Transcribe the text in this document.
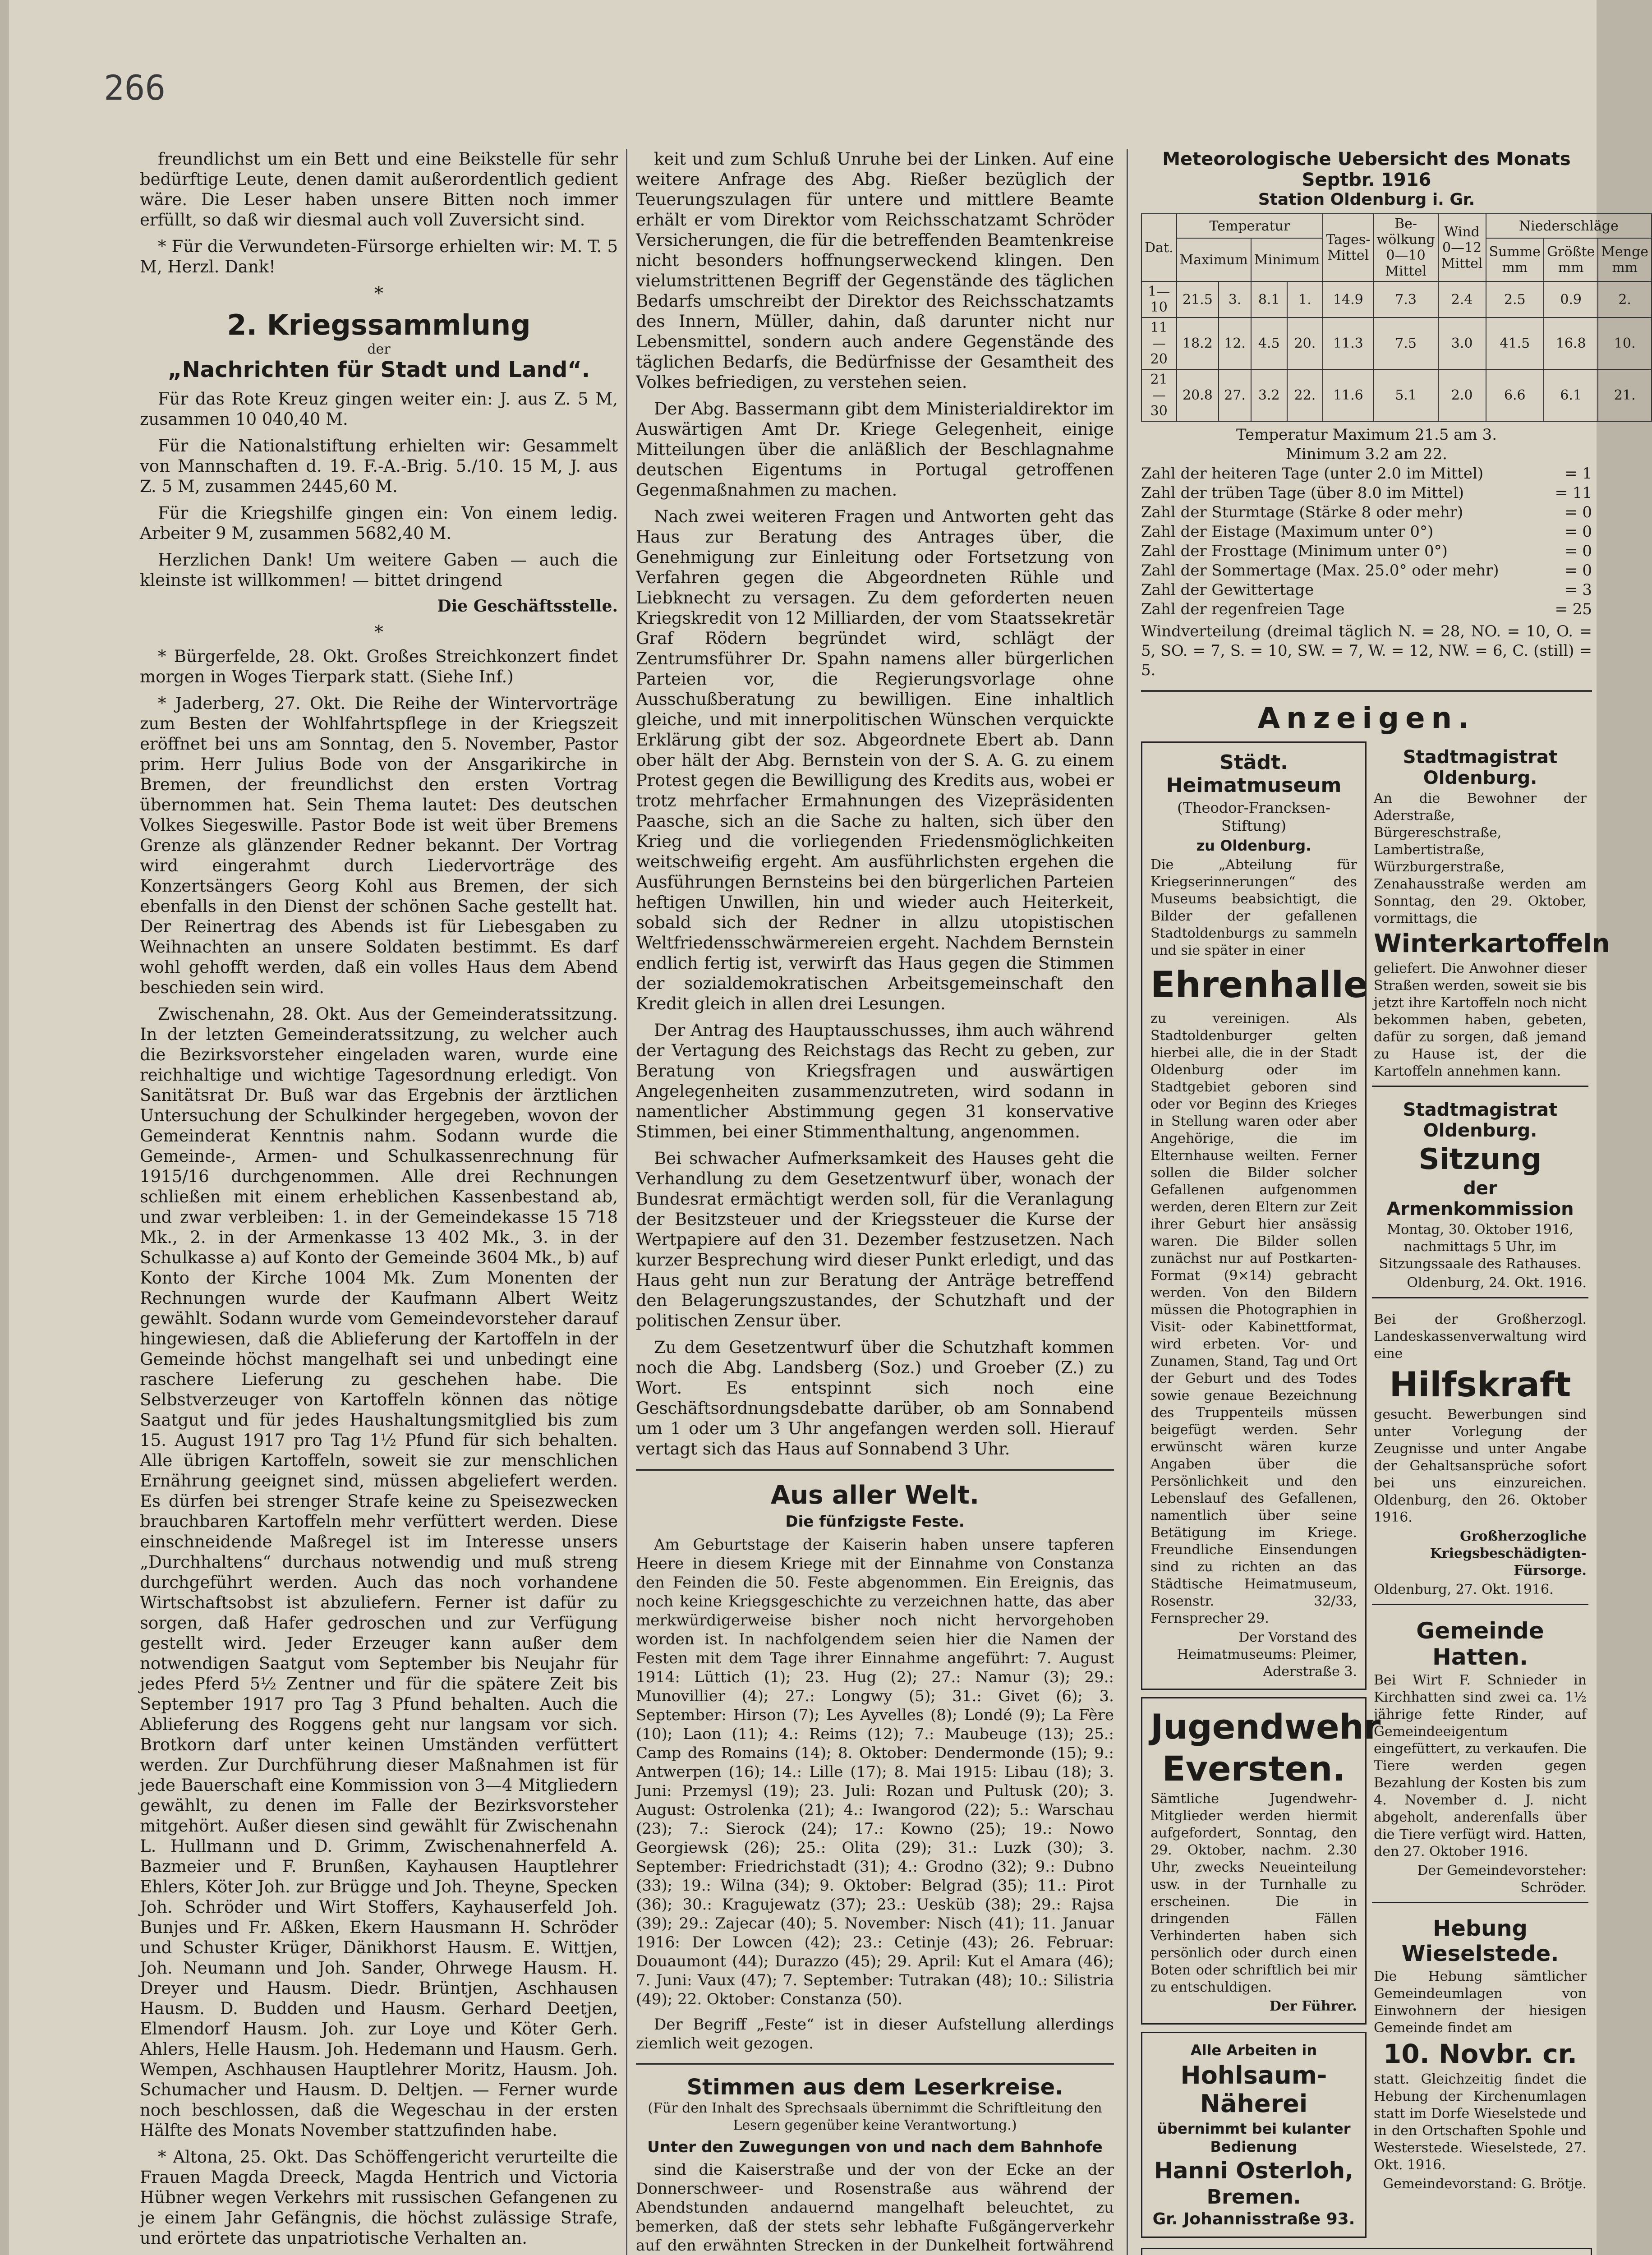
266

freundlichst um ein Bett und eine Beikstelle für sehr bedürftige Leute, denen damit außerordentlich gedient wäre. Die Leser haben unsere Bitten noch immer erfüllt, so daß wir diesmal auch voll Zuversicht sind.

* Für die Verwundeten-Fürsorge erhielten wir: M. T. 5 M, Herzl. Dank!

*
2. Kriegssammlung
der
„Nachrichten für Stadt und Land“.

Für das Rote Kreuz gingen weiter ein: J. aus Z. 5 M, zusammen 10 040,40 M.

Für die Nationalstiftung erhielten wir: Gesammelt von Mannschaften d. 19. F.-A.-Brig. 5./10. 15 M, J. aus Z. 5 M, zusammen 2445,60 M.

Für die Kriegshilfe gingen ein: Von einem ledig. Arbeiter 9 M, zusammen 5682,40 M.

Herzlichen Dank! Um weitere Gaben — auch die kleinste ist willkommen! — bittet dringend

Die Geschäftsstelle.
*

* Bürgerfelde, 28. Okt. Großes Streichkonzert findet morgen in Woges Tierpark statt. (Siehe Inf.)

* Jaderberg, 27. Okt. Die Reihe der Wintervorträge zum Besten der Wohlfahrtspflege in der Kriegszeit eröffnet bei uns am Sonntag, den 5. November, Pastor prim. Herr Julius Bode von der Ansgarikirche in Bremen, der freundlichst den ersten Vortrag übernommen hat. Sein Thema lautet: Des deutschen Volkes Siegeswille. Pastor Bode ist weit über Bremens Grenze als glänzender Redner bekannt. Der Vortrag wird eingerahmt durch Liedervorträge des Konzertsängers Georg Kohl aus Bremen, der sich ebenfalls in den Dienst der schönen Sache gestellt hat. Der Reinertrag des Abends ist für Liebesgaben zu Weihnachten an unsere Soldaten bestimmt. Es darf wohl gehofft werden, daß ein volles Haus dem Abend beschieden sein wird.

Zwischenahn, 28. Okt. Aus der Gemeinderatssitzung. In der letzten Gemeinderatssitzung, zu welcher auch die Bezirksvorsteher eingeladen waren, wurde eine reichhaltige und wichtige Tagesordnung erledigt. Von Sanitätsrat Dr. Buß war das Ergebnis der ärztlichen Untersuchung der Schulkinder hergegeben, wovon der Gemeinderat Kenntnis nahm. Sodann wurde die Gemeinde-, Armen- und Schulkassenrechnung für 1915/16 durchgenommen. Alle drei Rechnungen schließen mit einem erheblichen Kassenbestand ab, und zwar verbleiben: 1. in der Gemeindekasse 15 718 Mk., 2. in der Armenkasse 13 402 Mk., 3. in der Schulkasse a) auf Konto der Gemeinde 3604 Mk., b) auf Konto der Kirche 1004 Mk. Zum Monenten der Rechnungen wurde der Kaufmann Albert Weitz gewählt. Sodann wurde vom Gemeindevorsteher darauf hingewiesen, daß die Ablieferung der Kartoffeln in der Gemeinde höchst mangelhaft sei und unbedingt eine raschere Lieferung zu geschehen habe. Die Selbstverzeuger von Kartoffeln können das nötige Saatgut und für jedes Haushaltungsmitglied bis zum 15. August 1917 pro Tag 1½ Pfund für sich behalten. Alle übrigen Kartoffeln, soweit sie zur menschlichen Ernährung geeignet sind, müssen abgeliefert werden. Es dürfen bei strenger Strafe keine zu Speisezwecken brauchbaren Kartoffeln mehr verfüttert werden. Diese einschneidende Maßregel ist im Interesse unsers „Durchhaltens“ durchaus notwendig und muß streng durchgeführt werden. Auch das noch vorhandene Wirtschaftsobst ist abzuliefern. Ferner ist dafür zu sorgen, daß Hafer gedroschen und zur Verfügung gestellt wird. Jeder Erzeuger kann außer dem notwendigen Saatgut vom September bis Neujahr für jedes Pferd 5½ Zentner und für die spätere Zeit bis September 1917 pro Tag 3 Pfund behalten. Auch die Ablieferung des Roggens geht nur langsam vor sich. Brotkorn darf unter keinen Umständen verfüttert werden. Zur Durchführung dieser Maßnahmen ist für jede Bauerschaft eine Kommission von 3—4 Mitgliedern gewählt, zu denen im Falle der Bezirksvorsteher mitgehört. Außer diesen sind gewählt für Zwischenahn L. Hullmann und D. Grimm, Zwischenahnerfeld A. Bazmeier und F. Brunßen, Kayhausen Hauptlehrer Ehlers, Köter Joh. zur Brügge und Joh. Theyne, Specken Joh. Schröder und Wirt Stoffers, Kayhauserfeld Joh. Bunjes und Fr. Aßken, Ekern Hausmann H. Schröder und Schuster Krüger, Dänikhorst Hausm. E. Wittjen, Joh. Neumann und Joh. Sander, Ohrwege Hausm. H. Dreyer und Hausm. Diedr. Brüntjen, Aschhausen Hausm. D. Budden und Hausm. Gerhard Deetjen, Elmendorf Hausm. Joh. zur Loye und Köter Gerh. Ahlers, Helle Hausm. Joh. Hedemann und Hausm. Gerh. Wempen, Aschhausen Hauptlehrer Moritz, Hausm. Joh. Schumacher und Hausm. D. Deltjen. — Ferner wurde noch beschlossen, daß die Wegeschau in der ersten Hälfte des Monats November stattzufinden habe.

* Altona, 25. Okt. Das Schöffengericht verurteilte die Frauen Magda Dreeck, Magda Hentrich und Victoria Hübner wegen Verkehrs mit russischen Gefangenen zu je einem Jahr Gefängnis, die höchst zulässige Strafe, und erörtete das unpatriotische Verhalten an.

keit und zum Schluß Unruhe bei der Linken. Auf eine weitere Anfrage des Abg. Rießer bezüglich der Teuerungszulagen für untere und mittlere Beamte erhält er vom Direktor vom Reichsschatzamt Schröder Versicherungen, die für die betreffenden Beamtenkreise nicht besonders hoffnungserweckend klingen. Den vielumstrittenen Begriff der Gegenstände des täglichen Bedarfs umschreibt der Direktor des Reichsschatzamts des Innern, Müller, dahin, daß darunter nicht nur Lebensmittel, sondern auch andere Gegenstände des täglichen Bedarfs, die Bedürfnisse der Gesamtheit des Volkes befriedigen, zu verstehen seien.

Der Abg. Bassermann gibt dem Ministerialdirektor im Auswärtigen Amt Dr. Kriege Gelegenheit, einige Mitteilungen über die anläßlich der Beschlagnahme deutschen Eigentums in Portugal getroffenen Gegenmaßnahmen zu machen.

Nach zwei weiteren Fragen und Antworten geht das Haus zur Beratung des Antrages über, die Genehmigung zur Einleitung oder Fortsetzung von Verfahren gegen die Abgeordneten Rühle und Liebknecht zu versagen. Zu dem geforderten neuen Kriegskredit von 12 Milliarden, der vom Staatssekretär Graf Rödern begründet wird, schlägt der Zentrumsführer Dr. Spahn namens aller bürgerlichen Parteien vor, die Regierungsvorlage ohne Ausschußberatung zu bewilligen. Eine inhaltlich gleiche, und mit innerpolitischen Wünschen verquickte Erklärung gibt der soz. Abgeordnete Ebert ab. Dann ober hält der Abg. Bernstein von der S. A. G. zu einem Protest gegen die Bewilligung des Kredits aus, wobei er trotz mehrfacher Ermahnungen des Vizepräsidenten Paasche, sich an die Sache zu halten, sich über den Krieg und die vorliegenden Friedensmöglichkeiten weitschweifig ergeht. Am ausführlichsten ergehen die Ausführungen Bernsteins bei den bürgerlichen Parteien heftigen Unwillen, hin und wieder auch Heiterkeit, sobald sich der Redner in allzu utopistischen Weltfriedensschwärmereien ergeht. Nachdem Bernstein endlich fertig ist, verwirft das Haus gegen die Stimmen der sozialdemokratischen Arbeitsgemeinschaft den Kredit gleich in allen drei Lesungen.

Der Antrag des Hauptausschusses, ihm auch während der Vertagung des Reichstags das Recht zu geben, zur Beratung von Kriegsfragen und auswärtigen Angelegenheiten zusammenzutreten, wird sodann in namentlicher Abstimmung gegen 31 konservative Stimmen, bei einer Stimmenthaltung, angenommen.

Bei schwacher Aufmerksamkeit des Hauses geht die Verhandlung zu dem Gesetzentwurf über, wonach der Bundesrat ermächtigt werden soll, für die Veranlagung der Besitzsteuer und der Kriegssteuer die Kurse der Wertpapiere auf den 31. Dezember festzusetzen. Nach kurzer Besprechung wird dieser Punkt erledigt, und das Haus geht nun zur Beratung der Anträge betreffend den Belagerungszustandes, der Schutzhaft und der politischen Zensur über.

Zu dem Gesetzentwurf über die Schutzhaft kommen noch die Abg. Landsberg (Soz.) und Groeber (Z.) zu Wort. Es entspinnt sich noch eine Geschäftsordnungsdebatte darüber, ob am Sonnabend um 1 oder um 3 Uhr angefangen werden soll. Hierauf vertagt sich das Haus auf Sonnabend 3 Uhr.

Aus aller Welt.
Die fünfzigste Feste.

Am Geburtstage der Kaiserin haben unsere tapferen Heere in diesem Kriege mit der Einnahme von Constanza den Feinden die 50. Feste abgenommen. Ein Ereignis, das noch keine Kriegsgeschichte zu verzeichnen hatte, das aber merkwürdigerweise bisher noch nicht hervorgehoben worden ist. In nachfolgendem seien hier die Namen der Festen mit dem Tage ihrer Einnahme angeführt: 7. August 1914: Lüttich (1); 23. Hug (2); 27.: Namur (3); 29.: Munovillier (4); 27.: Longwy (5); 31.: Givet (6); 3. September: Hirson (7); Les Ayvelles (8); Londé (9); La Fère (10); Laon (11); 4.: Reims (12); 7.: Maubeuge (13); 25.: Camp des Romains (14); 8. Oktober: Dendermonde (15); 9.: Antwerpen (16); 14.: Lille (17); 8. Mai 1915: Libau (18); 3. Juni: Przemysl (19); 23. Juli: Rozan und Pultusk (20); 3. August: Ostrolenka (21); 4.: Iwangorod (22); 5.: Warschau (23); 7.: Sierock (24); 17.: Kowno (25); 19.: Nowo Georgiewsk (26); 25.: Olita (29); 31.: Luzk (30); 3. September: Friedrichstadt (31); 4.: Grodno (32); 9.: Dubno (33); 19.: Wilna (34); 9. Oktober: Belgrad (35); 11.: Pirot (36); 30.: Kragujewatz (37); 23.: Uesküb (38); 29.: Rajsa (39); 29.: Zajecar (40); 5. November: Nisch (41); 11. Januar 1916: Der Lowcen (42); 23.: Cetinje (43); 26. Februar: Douaumont (44); Durazzo (45); 29. April: Kut el Amara (46); 7. Juni: Vaux (47); 7. September: Tutrakan (48); 10.: Silistria (49); 22. Oktober: Constanza (50).

Der Begriff „Feste“ ist in dieser Aufstellung allerdings ziemlich weit gezogen.

Stimmen aus dem Leserkreise.
(Für den Inhalt des Sprechsaals übernimmt die Schriftleitung den Lesern gegenüber keine Verantwortung.)
Unter den Zuwegungen von und nach dem Bahnhofe

sind die Kaiserstraße und der von der Ecke an der Donnerschweer- und Rosenstraße aus während der Abendstunden andauernd mangelhaft beleuchtet, zu bemerken, daß der stets sehr lebhafte Fußgängerverkehr auf den erwähnten Strecken in der Dunkelheit fortwährend

Meteorologische Uebersicht des Monats Septbr. 1916
Station Oldenburg i. Gr.
Dat.	Temperatur				Tages-Mittel	Be-wölkung 0—10 Mittel	Wind 0—12 Mittel	Niederschläge		
	Maximum		Minimum					Summe mm	Größte mm	Menge mm
1—10	21.5	3.	8.1	1.	14.9	7.3	2.4	2.5	0.9	2.
11—20	18.2	12.	4.5	20.	11.3	7.5	3.0	41.5	16.8	10.
21—30	20.8	27.	3.2	22.	11.6	5.1	2.0	6.6	6.1	21.
Temperatur Maximum 21.5 am 3.
Minimum 3.2 am 22.
Zahl der heiteren Tage (unter 2.0 im Mittel)	= 1
Zahl der trüben Tage (über 8.0 im Mittel)	= 11
Zahl der Sturmtage (Stärke 8 oder mehr)	= 0
Zahl der Eistage (Maximum unter 0°)	= 0
Zahl der Frosttage (Minimum unter 0°)	= 0
Zahl der Sommertage (Max. 25.0° oder mehr)	= 0
Zahl der Gewittertage	= 3
Zahl der regenfreien Tage	= 25

Windverteilung (dreimal täglich N. = 28, NO. = 10, O. = 5, SO. = 7, S. = 10, SW. = 7, W. = 12, NW. = 6, C. (still) = 5.

Anzeigen.
Städt. Heimatmuseum
(Theodor-Francksen-Stiftung)
zu Oldenburg.

Die „Abteilung für Kriegserinnerungen“ des Museums beabsichtigt, die Bilder der gefallenen Stadtoldenburgs zu sammeln und sie später in einer

Ehrenhalle

zu vereinigen. Als Stadtoldenburger gelten hierbei alle, die in der Stadt Oldenburg oder im Stadtgebiet geboren sind oder vor Beginn des Krieges in Stellung waren oder aber Angehörige, die im Elternhause weilten. Ferner sollen die Bilder solcher Gefallenen aufgenommen werden, deren Eltern zur Zeit ihrer Geburt hier ansässig waren. Die Bilder sollen zunächst nur auf Postkarten-Format (9×14) gebracht werden. Von den Bildern müssen die Photographien in Visit- oder Kabinettformat, wird erbeten. Vor- und Zunamen, Stand, Tag und Ort der Geburt und des Todes sowie genaue Bezeichnung des Truppenteils müssen beigefügt werden. Sehr erwünscht wären kurze Angaben über die Persönlichkeit und den Lebenslauf des Gefallenen, namentlich über seine Betätigung im Kriege. Freundliche Einsendungen sind zu richten an das Städtische Heimatmuseum, Rosenstr. 32/33, Fernsprecher 29.

Der Vorstand des Heimatmuseums: Pleimer, Aderstraße 3.

Jugendwehr
Eversten.

Sämtliche Jugendwehr-Mitglieder werden hiermit aufgefordert, Sonntag, den 29. Oktober, nachm. 2.30 Uhr, zwecks Neueinteilung usw. in der Turnhalle zu erscheinen. Die in dringenden Fällen Verhinderten haben sich persönlich oder durch einen Boten oder schriftlich bei mir zu entschuldigen.

Der Führer.

Alle Arbeiten in
Hohlsaum-Näherei
übernimmt bei kulanter Bedienung
Hanni Osterloh,
Bremen.
Gr. Johannisstraße 93.
Stadtmagistrat Oldenburg.

An die Bewohner der Aderstraße, Bürgereschstraße, Lambertistraße, Würzburgerstraße, Zenahausstraße werden am Sonntag, den 29. Oktober, vormittags, die

Winterkartoffeln

geliefert. Die Anwohner dieser Straßen werden, soweit sie bis jetzt ihre Kartoffeln noch nicht bekommen haben, gebeten, dafür zu sorgen, daß jemand zu Hause ist, der die Kartoffeln annehmen kann.

Stadtmagistrat Oldenburg.
Sitzung
der Armenkommission

Montag, 30. Oktober 1916, nachmittags 5 Uhr, im Sitzungssaale des Rathauses.

Oldenburg, 24. Okt. 1916.

Bei der Großherzogl. Landeskassenverwaltung wird eine

Hilfskraft

gesucht. Bewerbungen sind unter Vorlegung der Zeugnisse und unter Angabe der Gehaltsansprüche sofort bei uns einzureichen. Oldenburg, den 26. Oktober 1916.

Großherzogliche Kriegsbeschädigten-Fürsorge.

Oldenburg, 27. Okt. 1916.

Gemeinde Hatten.

Bei Wirt F. Schnieder in Kirchhatten sind zwei ca. 1½ jährige fette Rinder, auf Gemeindeeigentum eingefüttert, zu verkaufen. Die Tiere werden gegen Bezahlung der Kosten bis zum 4. November d. J. nicht abgeholt, anderenfalls über die Tiere verfügt wird. Hatten, den 27. Oktober 1916.

Der Gemeindevorsteher: Schröder.

Hebung Wieselstede.

Die Hebung sämtlicher Gemeindeumlagen von Einwohnern der hiesigen Gemeinde findet am

10. Novbr. cr.

statt. Gleichzeitig findet die Hebung der Kirchenumlagen statt im Dorfe Wieselstede und in den Ortschaften Spohle und Westerstede. Wieselstede, 27. Okt. 1916.

Gemeindevorstand: G. Brötje.
